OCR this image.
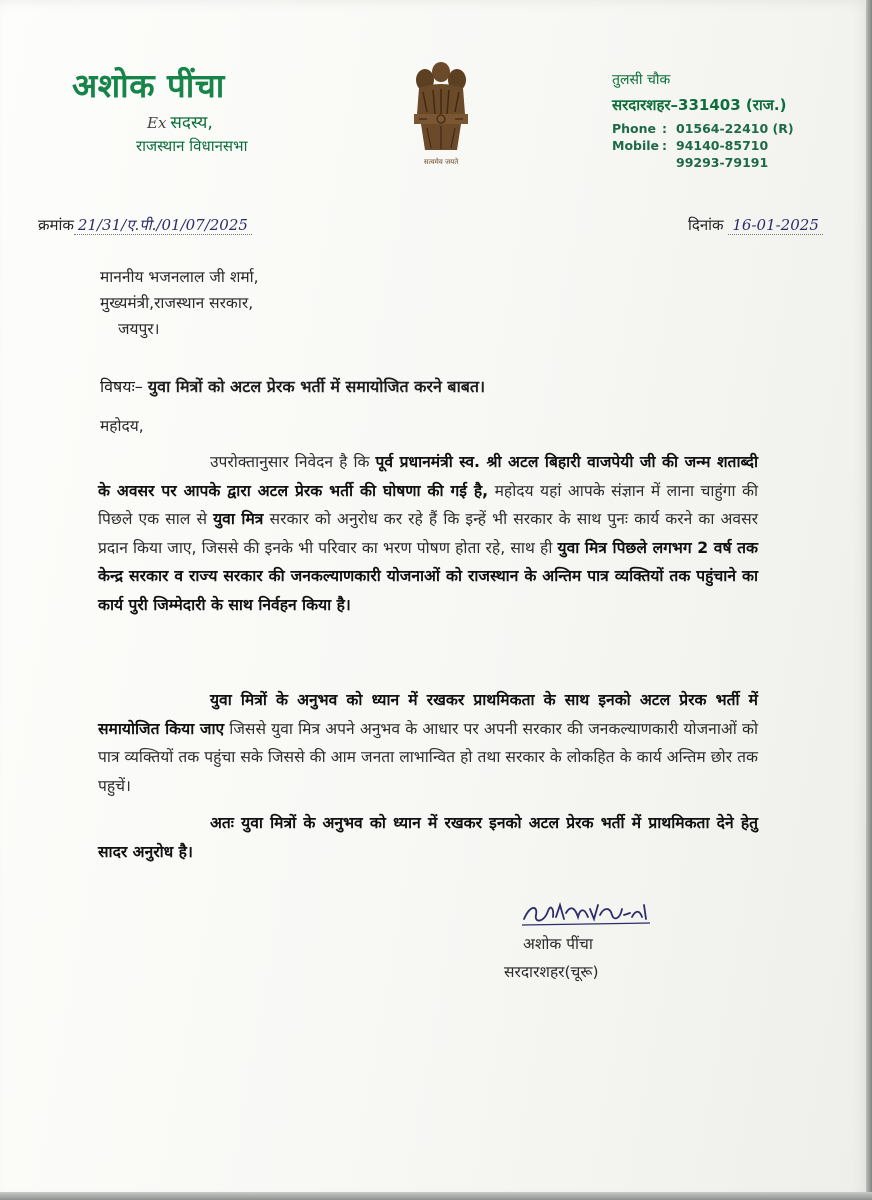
अशोक पींचा
Ex सदस्य,
राजस्थान विधानसभा
सत्यमेव जयते
तुलसी चौक
सरदारशहर–331403 (राज.)
Phone : 01564-22410 (R)
Mobile : 94140-85710
99293-79191
क्रमांक 21/31/ए.पी./01/07/2025	दिनांक 16-01-2025
माननीय भजनलाल जी शर्मा,
मुख्यमंत्री,राजस्थान सरकार,
जयपुर।
विषयः– युवा मित्रों को अटल प्रेरक भर्ती में समायोजित करने बाबत।
महोदय,
उपरोक्तानुसार निवेदन है कि पूर्व प्रधानमंत्री स्व. श्री अटल बिहारी वाजपेयी जी की जन्म शताब्दी के अवसर पर आपके द्वारा अटल प्रेरक भर्ती की घोषणा की गई है, महोदय यहां आपके संज्ञान में लाना चाहुंगा की पिछले एक साल से युवा मित्र सरकार को अनुरोध कर रहे हैं कि इन्हें भी सरकार के साथ पुनः कार्य करने का अवसर प्रदान किया जाए, जिससे की इनके भी परिवार का भरण पोषण होता रहे, साथ ही युवा मित्र पिछले लगभग 2 वर्ष तक केन्द्र सरकार व राज्य सरकार की जनकल्याणकारी योजनाओं को राजस्थान के अन्तिम पात्र व्यक्तियों तक पहुंचाने का कार्य पुरी जिम्मेदारी के साथ निर्वहन किया है।
युवा मित्रों के अनुभव को ध्यान में रखकर प्राथमिकता के साथ इनको अटल प्रेरक भर्ती में समायोजित किया जाए जिससे युवा मित्र अपने अनुभव के आधार पर अपनी सरकार की जनकल्याणकारी योजनाओं को पात्र व्यक्तियों तक पहुंचा सके जिससे की आम जनता लाभान्वित हो तथा सरकार के लोकहित के कार्य अन्तिम छोर तक पहुचें।
अतः युवा मित्रों के अनुभव को ध्यान में रखकर इनको अटल प्रेरक भर्ती में प्राथमिकता देने हेतु सादर अनुरोध है।
अशोक पींचा
सरदारशहर(चूरू)
